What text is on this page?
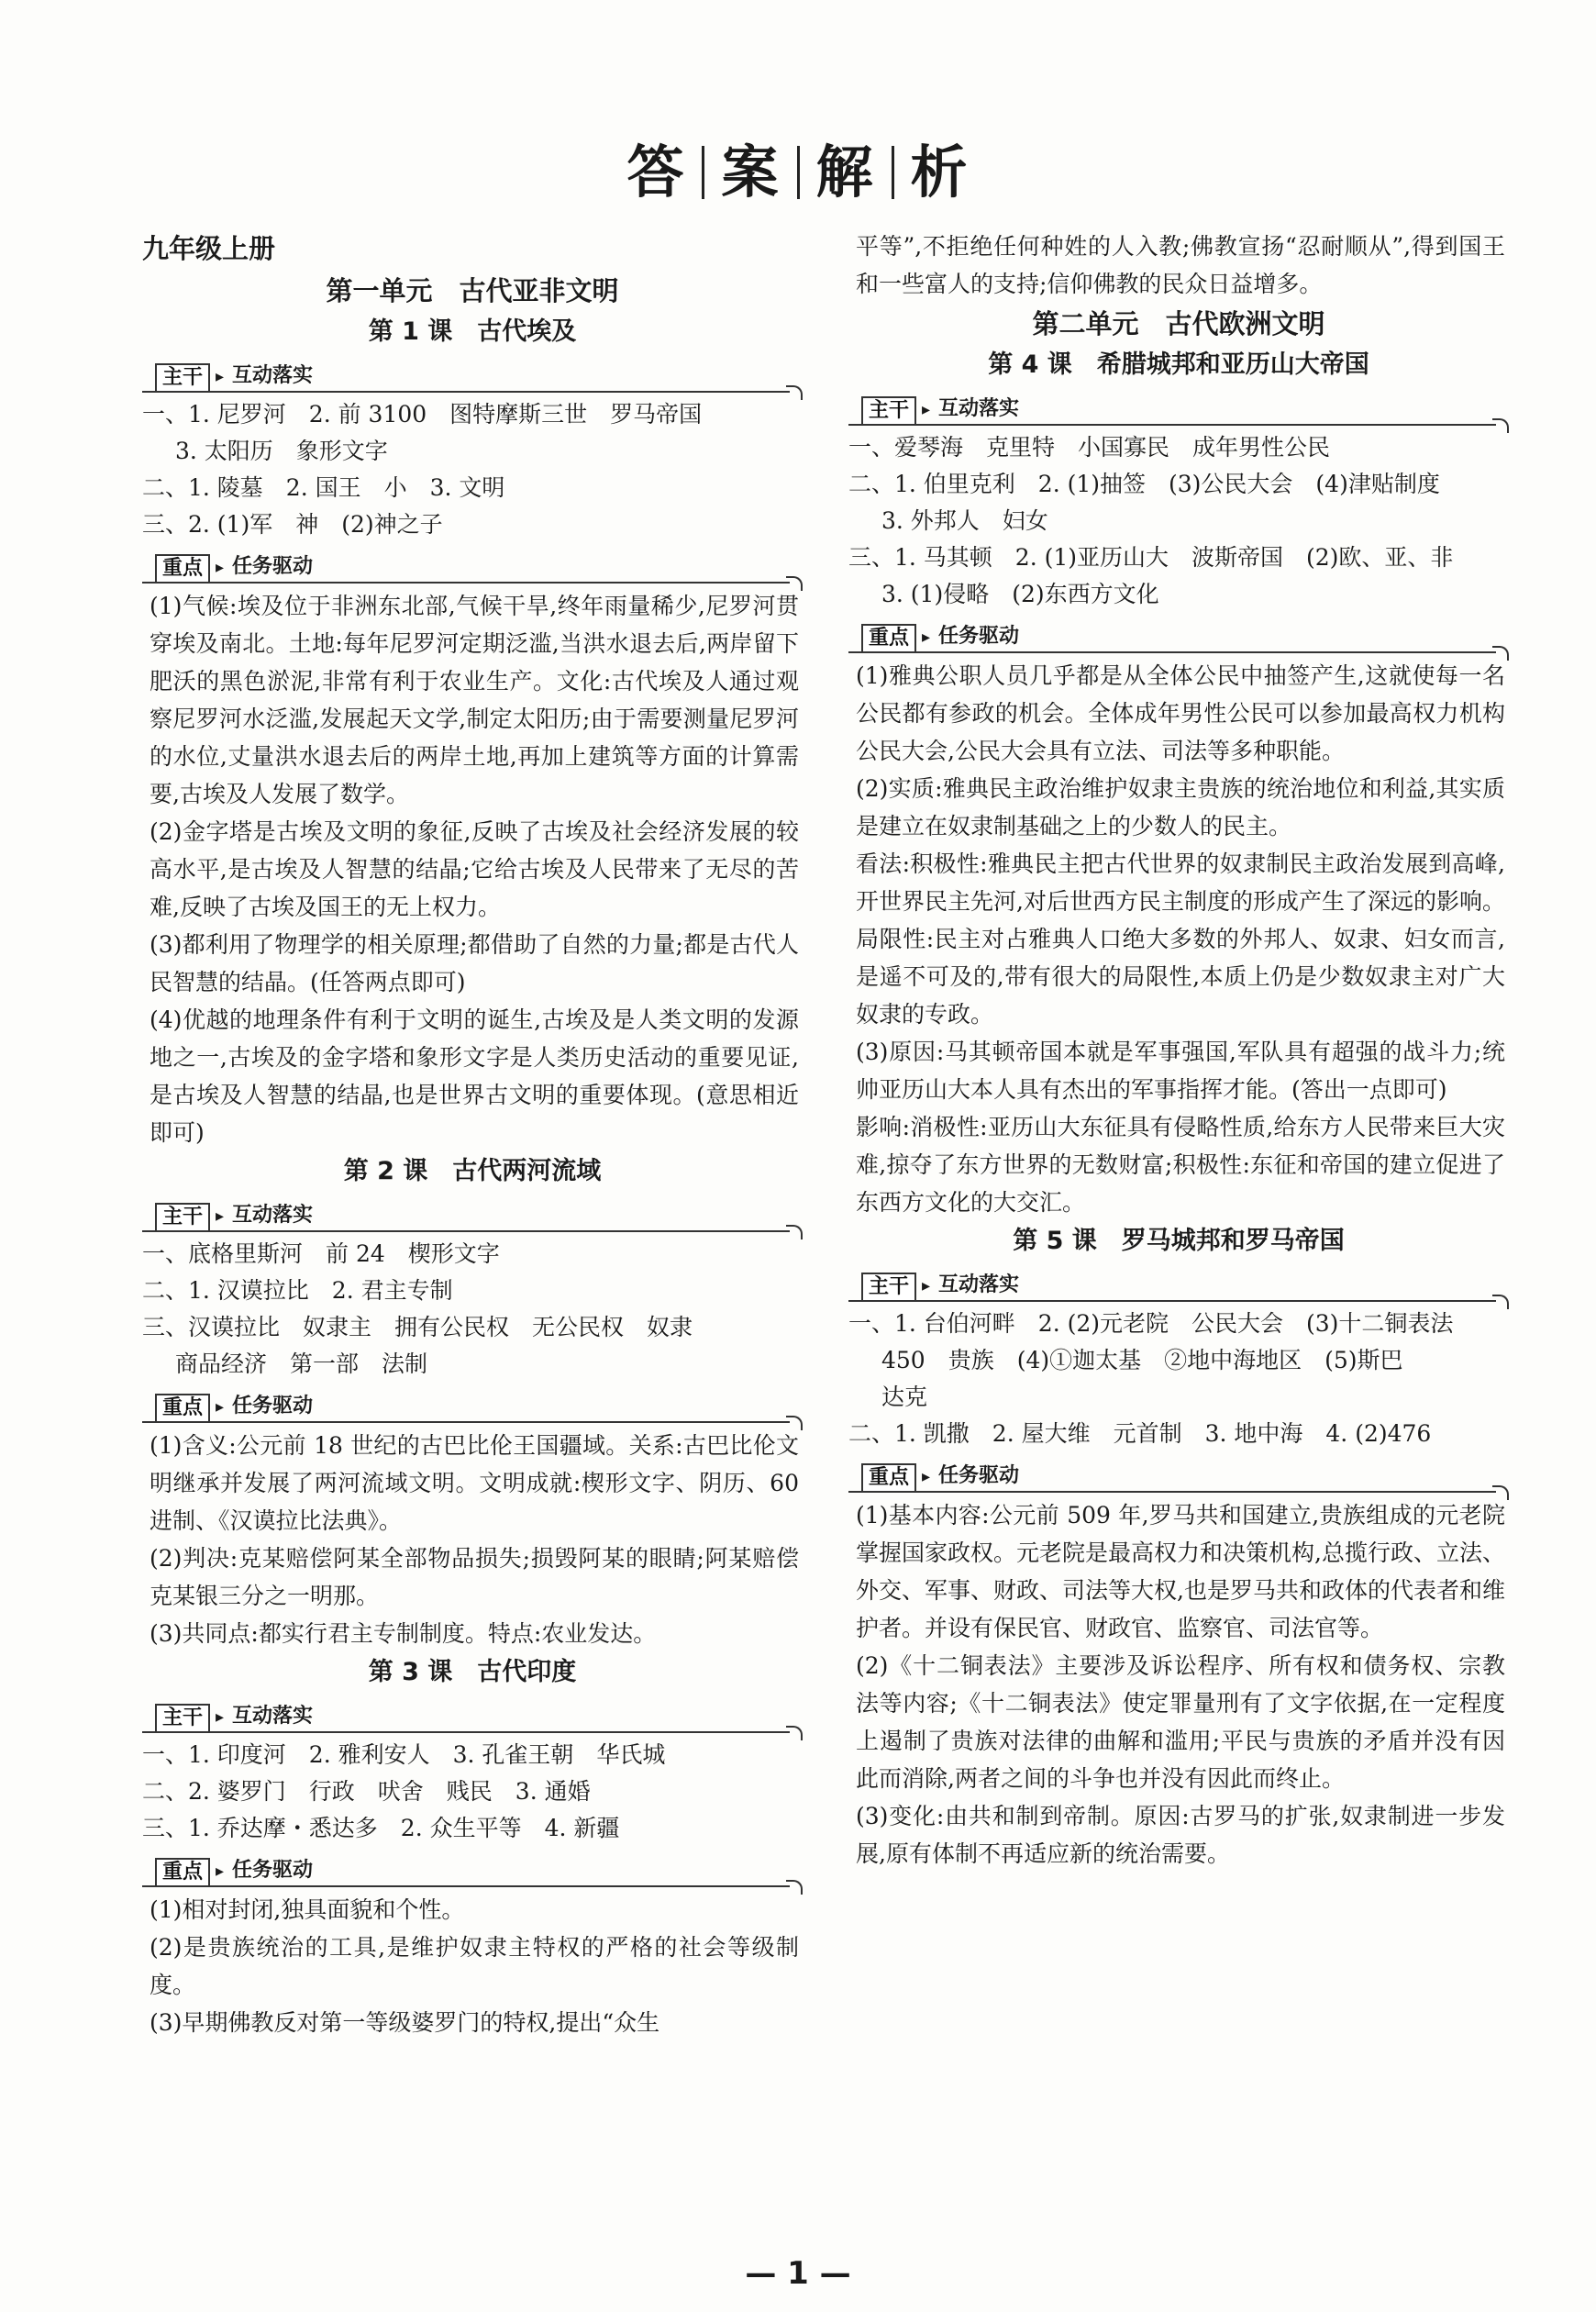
答 案 解 析
九年级上册
第一单元　古代亚非文明
第 1 课　古代埃及
主干 ▸ 互动落实
一、1. 尼罗河　2. 前 3100　图特摩斯三世　罗马帝国
3. 太阳历　象形文字
二、1. 陵墓　2. 国王　小　3. 文明
三、2. (1)军　神　(2)神之子
重点 ▸ 任务驱动
(1)气候:埃及位于非洲东北部,气候干旱,终年雨量稀少,尼罗河贯穿埃及南北。土地:每年尼罗河定期泛滥,当洪水退去后,两岸留下肥沃的黑色淤泥,非常有利于农业生产。文化:古代埃及人通过观察尼罗河水泛滥,发展起天文学,制定太阳历;由于需要测量尼罗河的水位,丈量洪水退去后的两岸土地,再加上建筑等方面的计算需要,古埃及人发展了数学。
(2)金字塔是古埃及文明的象征,反映了古埃及社会经济发展的较高水平,是古埃及人智慧的结晶;它给古埃及人民带来了无尽的苦难,反映了古埃及国王的无上权力。
(3)都利用了物理学的相关原理;都借助了自然的力量;都是古代人民智慧的结晶。(任答两点即可)
(4)优越的地理条件有利于文明的诞生,古埃及是人类文明的发源地之一,古埃及的金字塔和象形文字是人类历史活动的重要见证,是古埃及人智慧的结晶,也是世界古文明的重要体现。(意思相近即可)
第 2 课　古代两河流域
主干 ▸ 互动落实
一、底格里斯河　前 24　楔形文字
二、1. 汉谟拉比　2. 君主专制
三、汉谟拉比　奴隶主　拥有公民权　无公民权　奴隶
商品经济　第一部　法制
重点 ▸ 任务驱动
(1)含义:公元前 18 世纪的古巴比伦王国疆域。关系:古巴比伦文明继承并发展了两河流域文明。文明成就:楔形文字、阴历、60 进制、《汉谟拉比法典》。
(2)判决:克某赔偿阿某全部物品损失;损毁阿某的眼睛;阿某赔偿克某银三分之一明那。
(3)共同点:都实行君主专制制度。特点:农业发达。
第 3 课　古代印度
主干 ▸ 互动落实
一、1. 印度河　2. 雅利安人　3. 孔雀王朝　华氏城
二、2. 婆罗门　行政　吠舍　贱民　3. 通婚
三、1. 乔达摩・悉达多　2. 众生平等　4. 新疆
重点 ▸ 任务驱动
(1)相对封闭,独具面貌和个性。
(2)是贵族统治的工具,是维护奴隶主特权的严格的社会等级制度。
(3)早期佛教反对第一等级婆罗门的特权,提出“众生
平等”,不拒绝任何种姓的人入教;佛教宣扬“忍耐顺从”,得到国王和一些富人的支持;信仰佛教的民众日益增多。
第二单元　古代欧洲文明
第 4 课　希腊城邦和亚历山大帝国
主干 ▸ 互动落实
一、爱琴海　克里特　小国寡民　成年男性公民
二、1. 伯里克利　2. (1)抽签　(3)公民大会　(4)津贴制度
3. 外邦人　妇女
三、1. 马其顿　2. (1)亚历山大　波斯帝国　(2)欧、亚、非
3. (1)侵略　(2)东西方文化
重点 ▸ 任务驱动
(1)雅典公职人员几乎都是从全体公民中抽签产生,这就使每一名公民都有参政的机会。全体成年男性公民可以参加最高权力机构公民大会,公民大会具有立法、司法等多种职能。
(2)实质:雅典民主政治维护奴隶主贵族的统治地位和利益,其实质是建立在奴隶制基础之上的少数人的民主。
看法:积极性:雅典民主把古代世界的奴隶制民主政治发展到高峰,开世界民主先河,对后世西方民主制度的形成产生了深远的影响。
局限性:民主对占雅典人口绝大多数的外邦人、奴隶、妇女而言,是遥不可及的,带有很大的局限性,本质上仍是少数奴隶主对广大奴隶的专政。
(3)原因:马其顿帝国本就是军事强国,军队具有超强的战斗力;统帅亚历山大本人具有杰出的军事指挥才能。(答出一点即可)
影响:消极性:亚历山大东征具有侵略性质,给东方人民带来巨大灾难,掠夺了东方世界的无数财富;积极性:东征和帝国的建立促进了东西方文化的大交汇。
第 5 课　罗马城邦和罗马帝国
主干 ▸ 互动落实
一、1. 台伯河畔　2. (2)元老院　公民大会　(3)十二铜表法
450　贵族　(4)①迦太基　②地中海地区　(5)斯巴
达克
二、1. 凯撒　2. 屋大维　元首制　3. 地中海　4. (2)476
重点 ▸ 任务驱动
(1)基本内容:公元前 509 年,罗马共和国建立,贵族组成的元老院掌握国家政权。元老院是最高权力和决策机构,总揽行政、立法、外交、军事、财政、司法等大权,也是罗马共和政体的代表者和维护者。并设有保民官、财政官、监察官、司法官等。
(2)《十二铜表法》主要涉及诉讼程序、所有权和债务权、宗教法等内容;《十二铜表法》使定罪量刑有了文字依据,在一定程度上遏制了贵族对法律的曲解和滥用;平民与贵族的矛盾并没有因此而消除,两者之间的斗争也并没有因此而终止。
(3)变化:由共和制到帝制。原因:古罗马的扩张,奴隶制进一步发展,原有体制不再适应新的统治需要。
— 1 —
